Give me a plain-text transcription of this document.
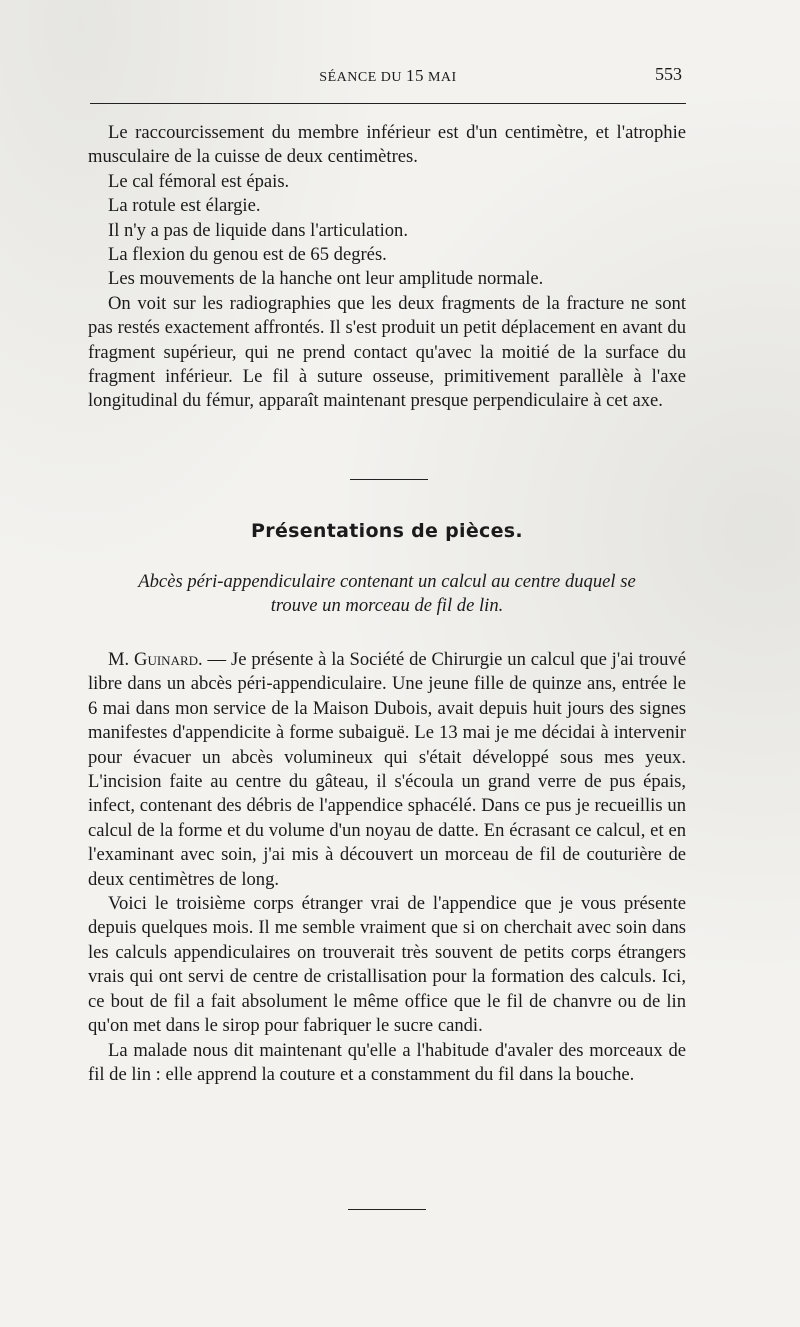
SÉANCE DU 15 MAI	553

Le raccourcissement du membre inférieur est d'un centimètre, et l'atrophie musculaire de la cuisse de deux centimètres.

Le cal fémoral est épais.

La rotule est élargie.

Il n'y a pas de liquide dans l'articulation.

La flexion du genou est de 65 degrés.

Les mouvements de la hanche ont leur amplitude normale.

On voit sur les radiographies que les deux fragments de la fracture ne sont pas restés exactement affrontés. Il s'est produit un petit déplacement en avant du fragment supérieur, qui ne prend contact qu'avec la moitié de la surface du fragment inférieur. Le fil à suture osseuse, primitivement parallèle à l'axe longitudinal du fémur, apparaît maintenant presque perpendiculaire à cet axe.

Présentations de pièces.
Abcès péri-appendiculaire contenant un calcul au centre duquel se
trouve un morceau de fil de lin.

M. Guinard. — Je présente à la Société de Chirurgie un calcul que j'ai trouvé libre dans un abcès péri-appendiculaire. Une jeune fille de quinze ans, entrée le 6 mai dans mon service de la Maison Dubois, avait depuis huit jours des signes manifestes d'appendicite à forme subaiguë. Le 13 mai je me décidai à intervenir pour évacuer un abcès volumineux qui s'était développé sous mes yeux. L'incision faite au centre du gâteau, il s'écoula un grand verre de pus épais, infect, contenant des débris de l'appendice sphacélé. Dans ce pus je recueillis un calcul de la forme et du volume d'un noyau de datte. En écrasant ce calcul, et en l'examinant avec soin, j'ai mis à découvert un morceau de fil de couturière de deux centimètres de long.

Voici le troisième corps étranger vrai de l'appendice que je vous présente depuis quelques mois. Il me semble vraiment que si on cherchait avec soin dans les calculs appendiculaires on trouverait très souvent de petits corps étrangers vrais qui ont servi de centre de cristallisation pour la formation des calculs. Ici, ce bout de fil a fait absolument le même office que le fil de chanvre ou de lin qu'on met dans le sirop pour fabriquer le sucre candi.

La malade nous dit maintenant qu'elle a l'habitude d'avaler des morceaux de fil de lin : elle apprend la couture et a constamment du fil dans la bouche.
